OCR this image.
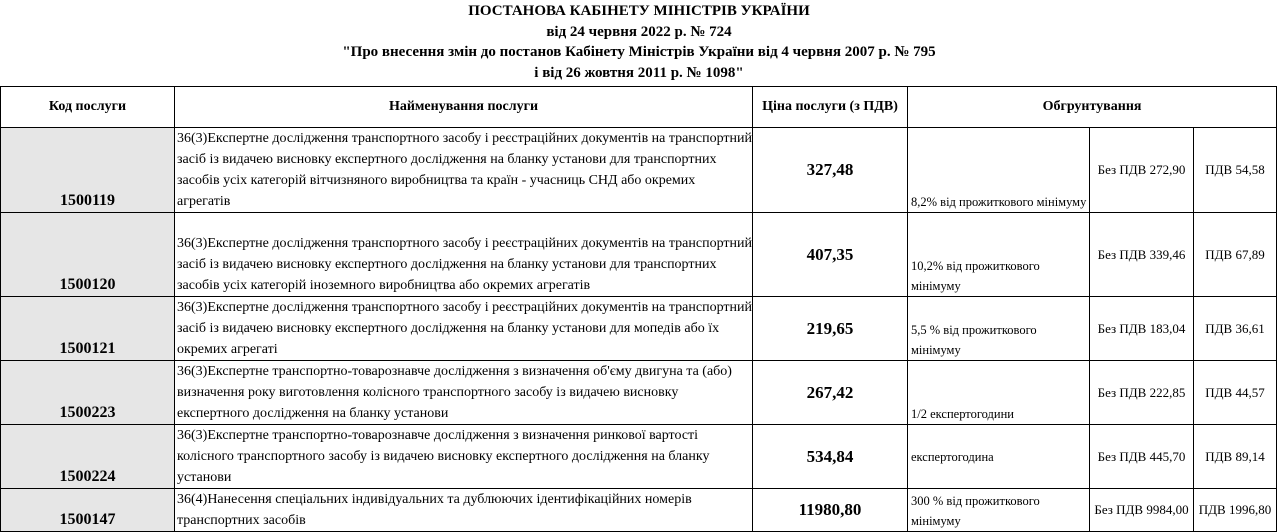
ПОСТАНОВА КАБІНЕТУ МІНІСТРІВ УКРАЇНИ
від 24 червня 2022 р. № 724
"Про внесення змін до постанов Кабінету Міністрів України від 4 червня 2007 р. № 795
і від 26 жовтня 2011 р. № 1098"
Код послуги	Найменування послуги	Ціна послуги (з ПДВ)	Обгрунтування		
1500119	36(3)Експертне дослідження транспортного засобу і реєстраційних документів на транспортний засіб із видачею висновку експертного дослідження на бланку установи для транспортних засобів усіх категорій вітчизняного виробництва та країн - учасниць СНД або окремих агрегатів	327,48	8,2% від прожиткового мінімуму	Без ПДВ 272,90	ПДВ 54,58
1500120	36(3)Експертне дослідження транспортного засобу і реєстраційних документів на транспортний засіб із видачею висновку експертного дослідження на бланку установи для транспортних засобів усіх категорій іноземного виробництва або окремих агрегатів	407,35	10,2% від прожиткового мінімуму	Без ПДВ 339,46	ПДВ 67,89
1500121	36(3)Експертне дослідження транспортного засобу і реєстраційних документів на транспортний засіб із видачею висновку експертного дослідження на бланку установи для мопедів або їх окремих агрегаті	219,65	5,5 % від прожиткового мінімуму	Без ПДВ 183,04	ПДВ 36,61
1500223	36(3)Експертне транспортно-товарознавче дослідження з визначення об'єму двигуна та (або) визначення року виготовлення колісного транспортного засобу із видачею висновку експертного дослідження на бланку установи	267,42	1/2 експертогодини	Без ПДВ 222,85	ПДВ 44,57
1500224	36(3)Експертне транспортно-товарознавче дослідження з визначення ринкової вартості колісного транспортного засобу із видачею висновку експертного дослідження на бланку установи	534,84	експертогодина	Без ПДВ 445,70	ПДВ 89,14
1500147	36(4)Нанесення спеціальних індивідуальних та дублюючих ідентифікаційних номерів транспортних засобів	11980,80	300 % від прожиткового мінімуму	Без ПДВ 9984,00	ПДВ 1996,80
